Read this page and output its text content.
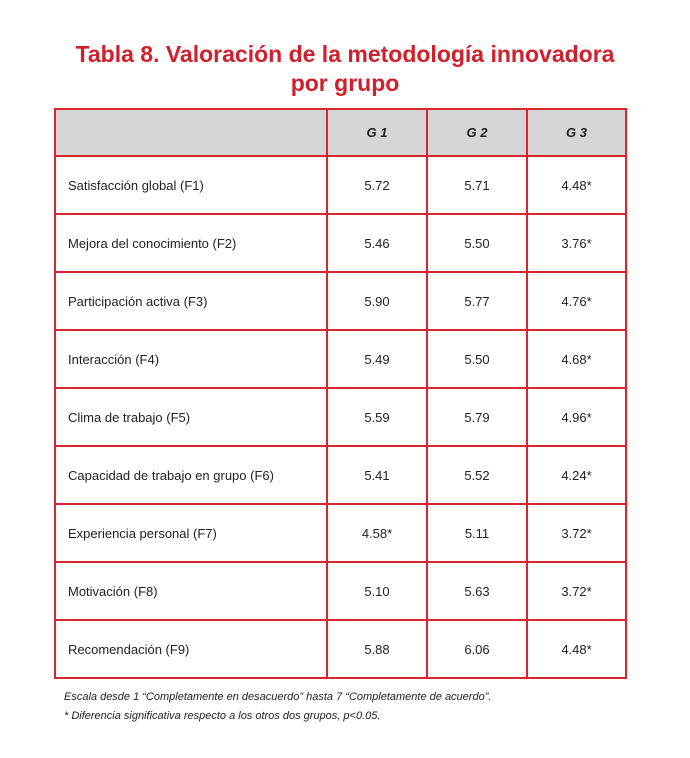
Tabla 8. Valoración de la metodología innovadora
por grupo
	G 1	G 2	G 3
Satisfacción global (F1)	5.72	5.71	4.48*
Mejora del conocimiento (F2)	5.46	5.50	3.76*
Participación activa (F3)	5.90	5.77	4.76*
Interacción (F4)	5.49	5.50	4.68*
Clima de trabajo (F5)	5.59	5.79	4.96*
Capacidad de trabajo en grupo (F6)	5.41	5.52	4.24*
Experiencia personal (F7)	4.58*	5.11	3.72*
Motivación (F8)	5.10	5.63	3.72*
Recomendación (F9)	5.88	6.06	4.48*
Escala desde 1 “Completamente en desacuerdo” hasta 7 “Completamente de acuerdo”.
* Diferencia significativa respecto a los otros dos grupos, p<0.05.
